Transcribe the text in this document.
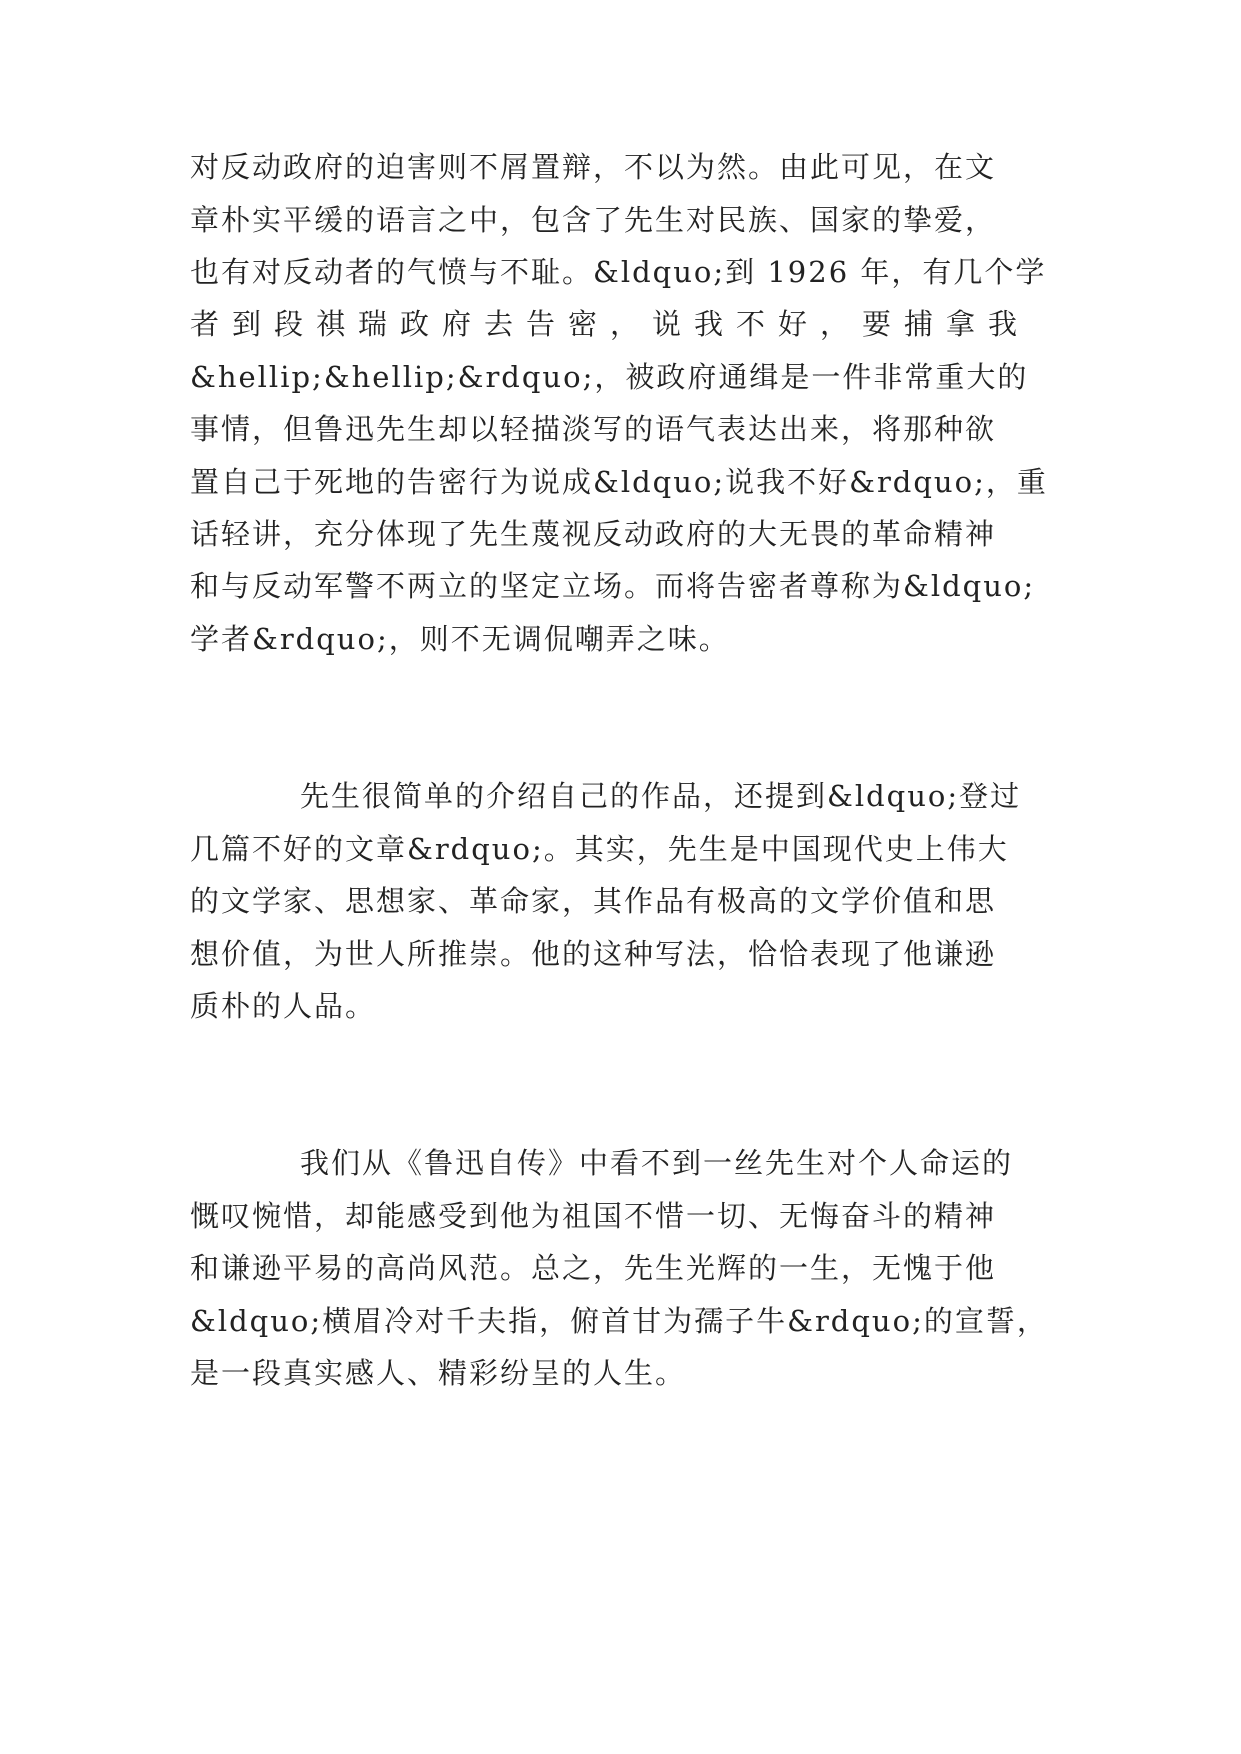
对反动政府的迫害则不屑置辩，不以为然。由此可见，在文
章朴实平缓的语言之中，包含了先生对民族、国家的挚爱，
也有对反动者的气愤与不耻。&ldquo;到 1926 年，有几个学
者到段祺瑞政府去告密，说我不好，要捕拿我
&hellip;&hellip;&rdquo;，被政府通缉是一件非常重大的
事情，但鲁迅先生却以轻描淡写的语气表达出来，将那种欲
置自己于死地的告密行为说成&ldquo;说我不好&rdquo;，重
话轻讲，充分体现了先生蔑视反动政府的大无畏的革命精神
和与反动军警不两立的坚定立场。而将告密者尊称为&ldquo;
学者&rdquo;，则不无调侃嘲弄之味。
先生很简单的介绍自己的作品，还提到&ldquo;登过
几篇不好的文章&rdquo;。其实，先生是中国现代史上伟大
的文学家、思想家、革命家，其作品有极高的文学价值和思
想价值，为世人所推崇。他的这种写法，恰恰表现了他谦逊
质朴的人品。
我们从《鲁迅自传》中看不到一丝先生对个人命运的
慨叹惋惜，却能感受到他为祖国不惜一切、无悔奋斗的精神
和谦逊平易的高尚风范。总之，先生光辉的一生，无愧于他
&ldquo;横眉冷对千夫指，俯首甘为孺子牛&rdquo;的宣誓，
是一段真实感人、精彩纷呈的人生。
